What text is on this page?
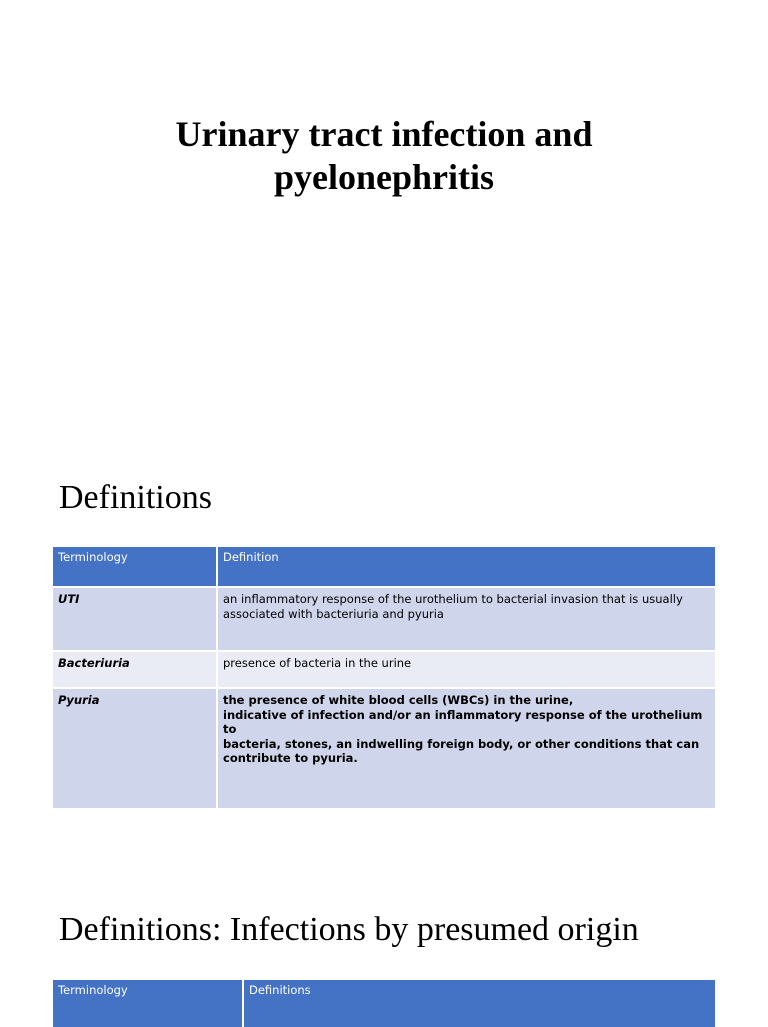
Urinary tract infection and
pyelonephritis
Definitions
Terminology	Definition
UTI	an inflammatory response of the urothelium to bacterial invasion that is usually
associated with bacteriuria and pyuria

Bacteriuria	presence of bacteria in the urine

Pyuria	the presence of white blood cells (WBCs) in the urine,
indicative of infection and/or an inflammatory response of the urothelium to
bacteria, stones, an indwelling foreign body, or other conditions that can
contribute to pyuria.
Definitions: Infections by presumed origin
Terminology	Definitions
